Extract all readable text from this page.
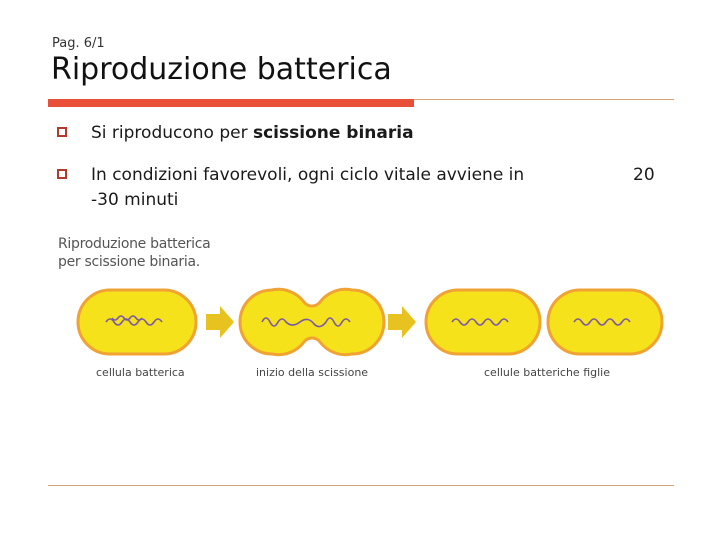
Pag. 6/1
Riproduzione batterica
Si riproducono per scissione binaria
In condizioni favorevoli, ogni ciclo vitale avviene in
-30 minuti
20
Riproduzione batterica
per scissione binaria.
cellula batterica	inizio della scissione	cellule batteriche figlie
